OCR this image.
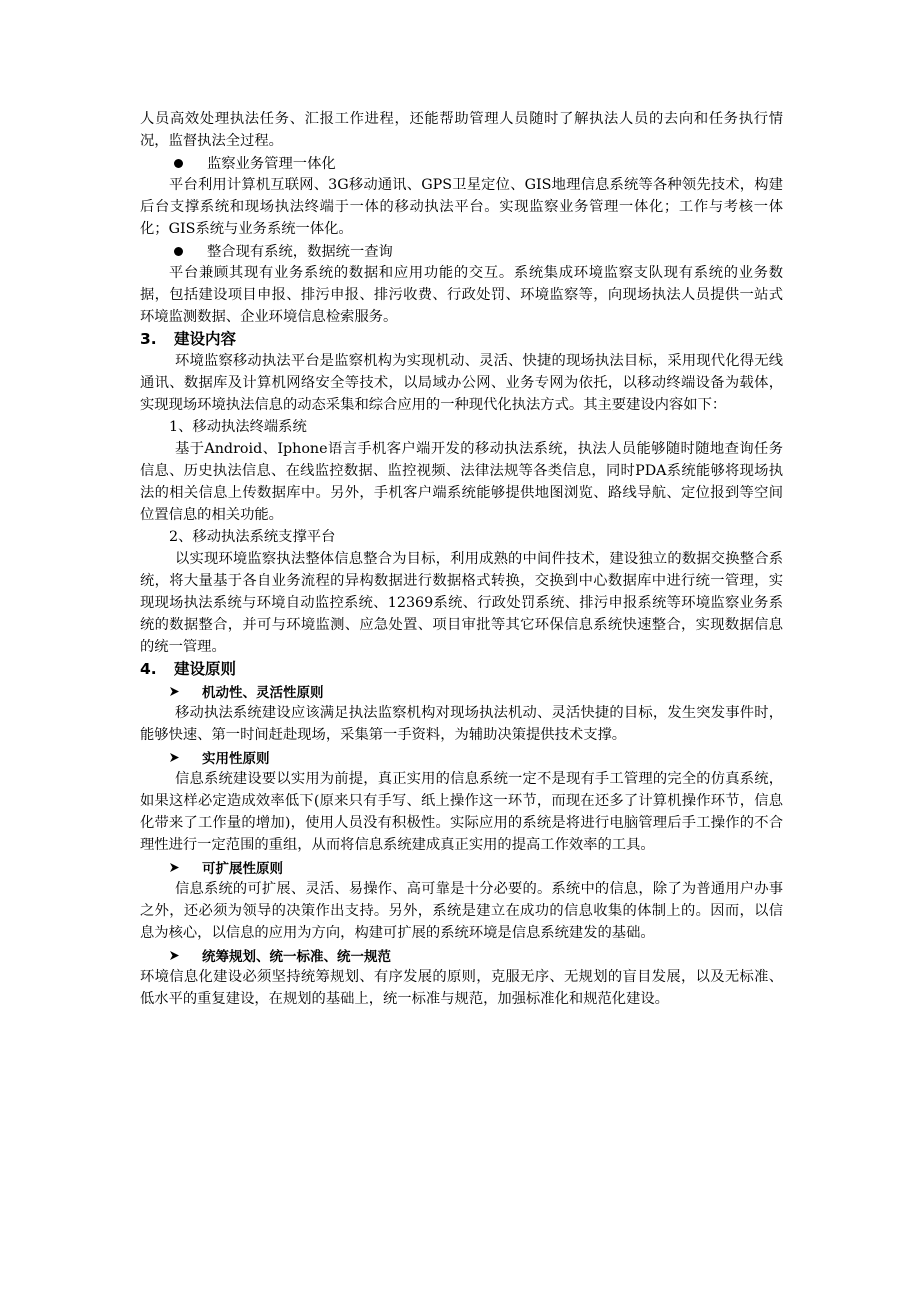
人员高效处理执法任务、汇报工作进程，还能帮助管理人员随时了解执法人员的去向和任务执行情况，监督执法全过程。

监察业务管理一体化

平台利用计算机互联网、3G移动通讯、GPS卫星定位、GIS地理信息系统等各种领先技术，构建后台支撑系统和现场执法终端于一体的移动执法平台。实现监察业务管理一体化；工作与考核一体化；GIS系统与业务系统一体化。

整合现有系统，数据统一查询

平台兼顾其现有业务系统的数据和应用功能的交互。系统集成环境监察支队现有系统的业务数据，包括建设项目申报、排污申报、排污收费、行政处罚、环境监察等，向现场执法人员提供一站式环境监测数据、企业环境信息检索服务。

3.	建设内容

环境监察移动执法平台是监察机构为实现机动、灵活、快捷的现场执法目标，采用现代化得无线通讯、数据库及计算机网络安全等技术，以局域办公网、业务专网为依托，以移动终端设备为载体，实现现场环境执法信息的动态采集和综合应用的一种现代化执法方式。其主要建设内容如下：

1、移动执法终端系统

基于Android、Iphone语言手机客户端开发的移动执法系统，执法人员能够随时随地查询任务信息、历史执法信息、在线监控数据、监控视频、法律法规等各类信息，同时PDA系统能够将现场执法的相关信息上传数据库中。另外，手机客户端系统能够提供地图浏览、路线导航、定位报到等空间位置信息的相关功能。

2、移动执法系统支撑平台

以实现环境监察执法整体信息整合为目标，利用成熟的中间件技术，建设独立的数据交换整合系统，将大量基于各自业务流程的异构数据进行数据格式转换，交换到中心数据库中进行统一管理，实现现场执法系统与环境自动监控系统、12369系统、行政处罚系统、排污申报系统等环境监察业务系统的数据整合，并可与环境监测、应急处置、项目审批等其它环保信息系统快速整合，实现数据信息的统一管理。

4.	建设原则
机动性、灵活性原则

移动执法系统建设应该满足执法监察机构对现场执法机动、灵活快捷的目标，发生突发事件时，能够快速、第一时间赶赴现场，采集第一手资料，为辅助决策提供技术支撑。

实用性原则

信息系统建设要以实用为前提，真正实用的信息系统一定不是现有手工管理的完全的仿真系统，如果这样必定造成效率低下(原来只有手写、纸上操作这一环节，而现在还多了计算机操作环节，信息化带来了工作量的增加)，使用人员没有积极性。实际应用的系统是将进行电脑管理后手工操作的不合理性进行一定范围的重组，从而将信息系统建成真正实用的提高工作效率的工具。

可扩展性原则

信息系统的可扩展、灵活、易操作、高可靠是十分必要的。系统中的信息，除了为普通用户办事之外，还必须为领导的决策作出支持。另外，系统是建立在成功的信息收集的体制上的。因而，以信息为核心，以信息的应用为方向，构建可扩展的系统环境是信息系统建发的基础。

统筹规划、统一标准、统一规范

环境信息化建设必须坚持统筹规划、有序发展的原则，克服无序、无规划的盲目发展，以及无标准、低水平的重复建设，在规划的基础上，统一标准与规范，加强标准化和规范化建设。
